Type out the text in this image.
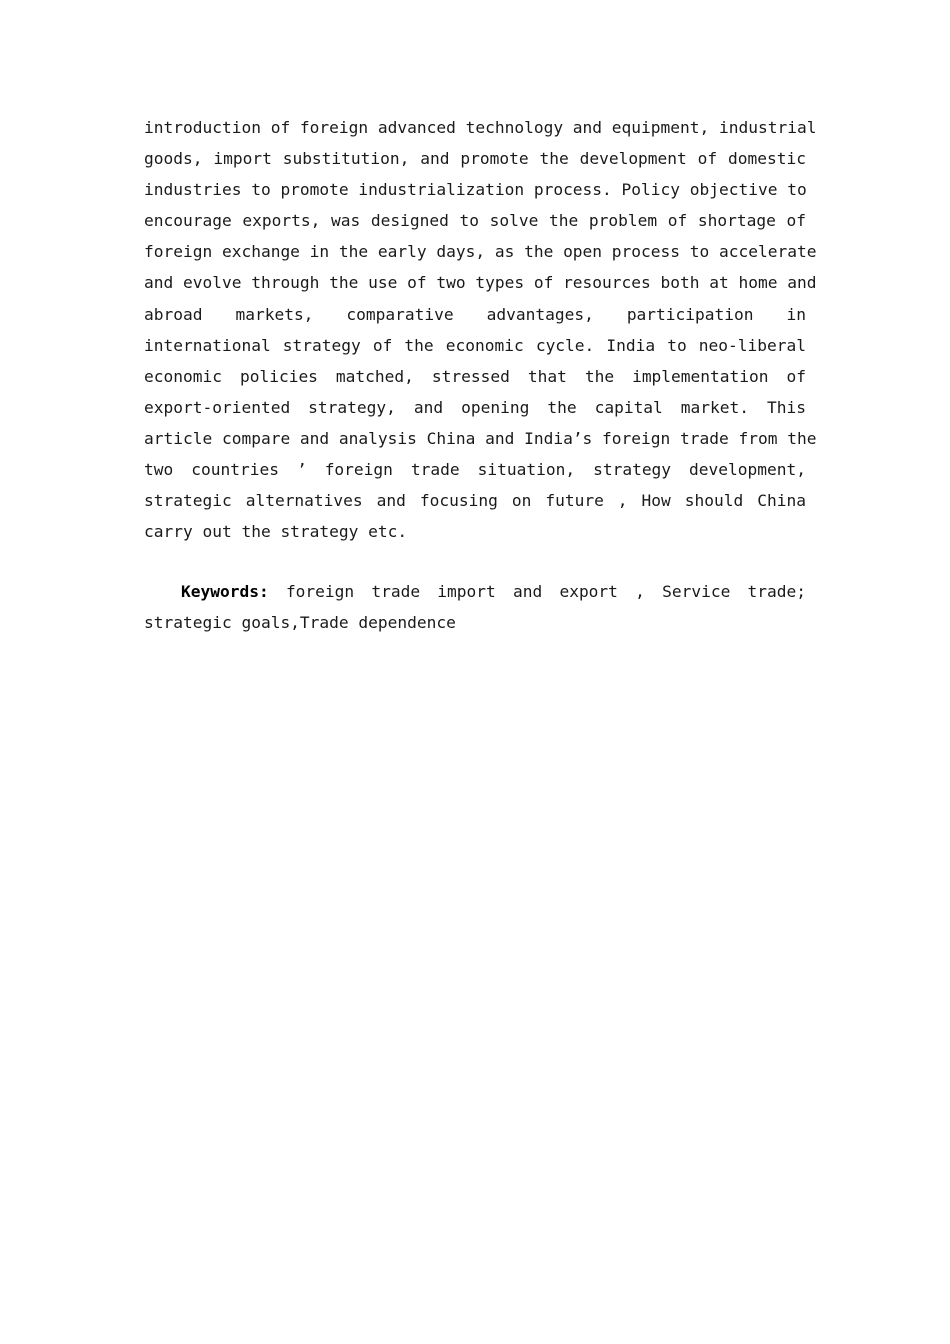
introduction of foreign advanced technology and equipment, industrial
goods, import substitution, and promote the development of domestic
industries to promote industrialization process. Policy objective to
encourage exports, was designed to solve the problem of shortage of
foreign exchange in the early days, as the open process to accelerate
and evolve through the use of two types of resources both at home and
abroad markets, comparative advantages, participation in
international strategy of the economic cycle. India to neo-liberal
economic policies matched, stressed that the implementation of
export-oriented strategy, and opening the capital market. This
article compare and analysis China and India’s foreign trade from the
two countries ’ foreign trade situation, strategy development,
strategic alternatives and focusing on future , How should China
carry out the strategy etc.
Keywords: foreign trade import and export , Service trade;
strategic goals,Trade dependence
